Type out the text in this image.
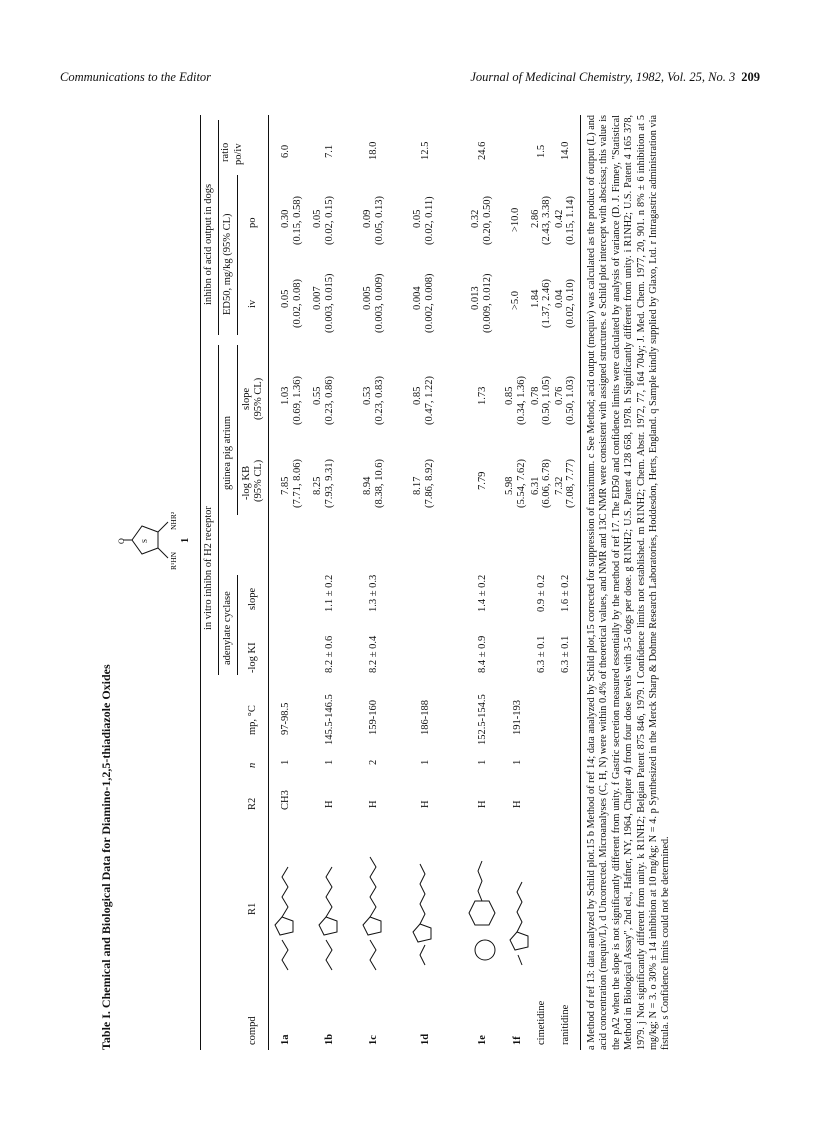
Communications to the Editor	Journal of Medicinal Chemistry, 1982, Vol. 25, No. 3 209
Table I. Chemical and Biological Data for Diamino-1,2,5-thiadiazole Oxides
O S
R¹HN
NHR²
1 in vitro inhibn of H2 receptor
inhibn of acid output in dogs
adenylate cyclase
guinea pig atrium
ED50, mg/kg (95% CL)
ratio po/iv
compd
R1
R2
n
mp, °C
-log KI
slope
-log KB (95% CL)
slope (95% CL)
iv
po
1a
CH3
1
97-98.5
7.85 (7.71, 8.06)
1.03 (0.69, 1.36)
0.05 (0.02, 0.08)
0.30 (0.15, 0.58)
6.0
1b
H
1
145.5-146.5
8.2 ± 0.6
1.1 ± 0.2
8.25 (7.93, 9.31)
0.55 (0.23, 0.86)
0.007 (0.003, 0.015)
0.05 (0.02, 0.15)
7.1
1c
H
2
159-160
8.2 ± 0.4
1.3 ± 0.3
8.94 (8.38, 10.6)
0.53 (0.23, 0.83)
0.005 (0.003, 0.009)
0.09 (0.05, 0.13)
18.0
1d
H
1
186-188
8.17 (7.86, 8.92)
0.85 (0.47, 1.22)
0.004 (0.002, 0.008)
0.05 (0.02, 0.11)
12.5
1e
H
1
152.5-154.5
8.4 ± 0.9
1.4 ± 0.2
7.79
1.73
0.013 (0.009, 0.012)
0.32 (0.20, 0.50)
24.6
1f
H
1
191-193
5.98 (5.54, 7.62)
0.85 (0.34, 1.36)
>5.0
>10.0
cimetidine
6.3 ± 0.1
0.9 ± 0.2
6.31 (6.06, 6.78)
0.78 (0.50, 1.05)
1.84 (1.37, 2.46)
2.86 (2.43, 3.38)
1.5
ranitidine
6.3 ± 0.1
1.6 ± 0.2
7.32 (7.08, 7.77)
0.76 (0.50, 1.03)
0.04 (0.02, 0.10)
0.42 (0.15, 1.14)
14.0 a Method of ref 13: data analyzed by Schild plot.15 b Method of ref 14; data analyzed by Schild plot,15 corrected for suppression of maximum. c See Method; acid output (mequiv) was calculated as the product of output (L) and acid concentration (mequiv/L). d Uncorrected. Microanalyses (C, H, N) were within 0.4% of theoretical values, and NMR and 13C NMR were consistent with assigned structures. e Schild plot intercept with abscissa; this value is the pA2 when the slope is not significantly different from unity. f Gastric secretion measured essentially by the method of ref 17. The ED50 and confidence limits were calculated by analysis of variance (D. J. Finney, "Statistical Method in Biological Assay", 2nd ed., Hafner, NY, 1964, Chapter 4) from four dose levels with 3-5 dogs per dose. g R1NH2; U.S. Patent 4 128 658, 1978. h Significantly different from unity. i R1NH2; U.S. Patent 4 165 378, 1979. j Not significantly different from unity. k R1NH2; Belgian Patent 875 846, 1979. l Confidence limits not established. m R1NH2; Chem. Abstr. 1972, 77, 164 704y; J. Med. Chem. 1977, 20, 901. n 8% ± 6 inhibition at 5 mg/kg; N = 3. o 30% ± 14 inhibition at 10 mg/kg; N = 4. p Synthesized in the Merck Sharp & Dohme Research Laboratories, Hoddesdon, Herts, England. q Sample kindly supplied by Glaxo, Ltd. r Intragastric administration via fistula. s Confidence limits could not be determined.
